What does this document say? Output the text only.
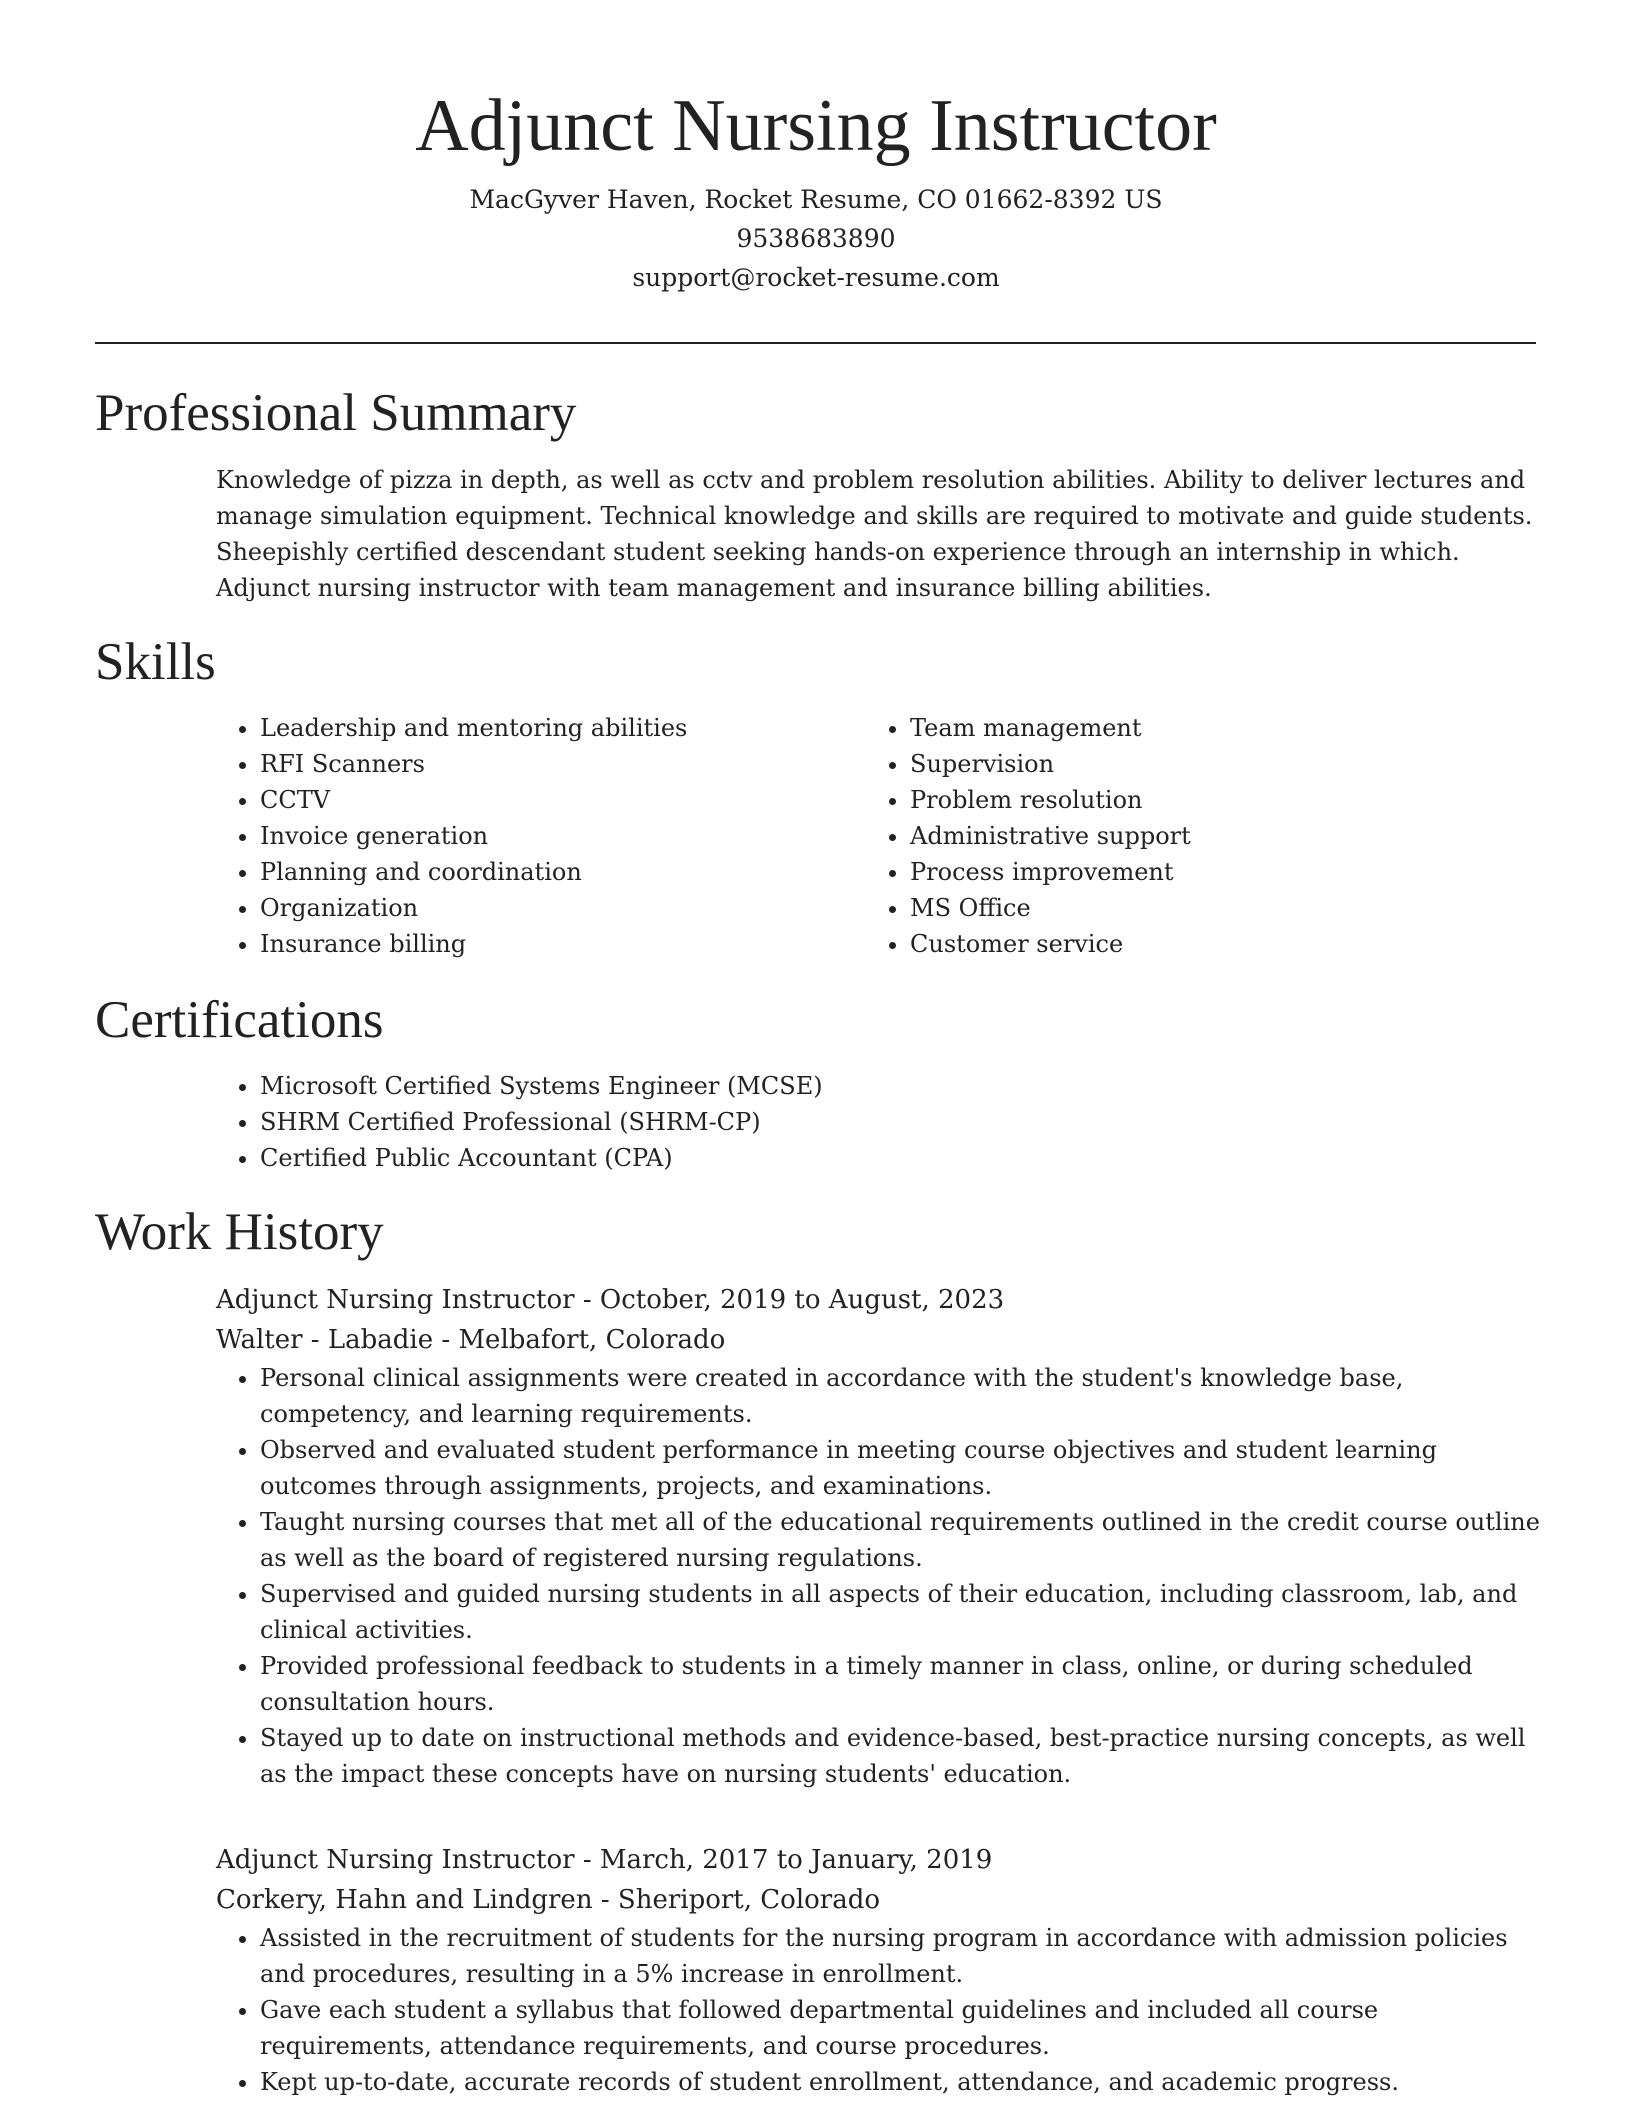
Adjunct Nursing Instructor
MacGyver Haven, Rocket Resume, CO 01662-8392 US
9538683890
support@rocket-resume.com
Professional Summary

Knowledge of pizza in depth, as well as cctv and problem resolution abilities. Ability to deliver lectures and manage simulation equipment. Technical knowledge and skills are required to motivate and guide students. Sheepishly certified descendant student seeking hands-on experience through an internship in which. Adjunct nursing instructor with team management and insurance billing abilities.

Skills
• Leadership and mentoring abilities
• RFI Scanners
• CCTV
• Invoice generation
• Planning and coordination
• Organization
• Insurance billing
• Team management
• Supervision
• Problem resolution
• Administrative support
• Process improvement
• MS Office
• Customer service
Certifications
• Microsoft Certified Systems Engineer (MCSE)
• SHRM Certified Professional (SHRM-CP)
• Certified Public Accountant (CPA)
Work History
Adjunct Nursing Instructor - October, 2019 to August, 2023
Walter - Labadie - Melbafort, Colorado
• Personal clinical assignments were created in accordance with the student's knowledge base, competency, and learning requirements.
• Observed and evaluated student performance in meeting course objectives and student learning outcomes through assignments, projects, and examinations.
• Taught nursing courses that met all of the educational requirements outlined in the credit course outline as well as the board of registered nursing regulations.
• Supervised and guided nursing students in all aspects of their education, including classroom, lab, and clinical activities.
• Provided professional feedback to students in a timely manner in class, online, or during scheduled consultation hours.
• Stayed up to date on instructional methods and evidence-based, best-practice nursing concepts, as well as the impact these concepts have on nursing students' education.
Adjunct Nursing Instructor - March, 2017 to January, 2019
Corkery, Hahn and Lindgren - Sheriport, Colorado
• Assisted in the recruitment of students for the nursing program in accordance with admission policies and procedures, resulting in a 5% increase in enrollment.
• Gave each student a syllabus that followed departmental guidelines and included all course requirements, attendance requirements, and course procedures.
• Kept up-to-date, accurate records of student enrollment, attendance, and academic progress.
